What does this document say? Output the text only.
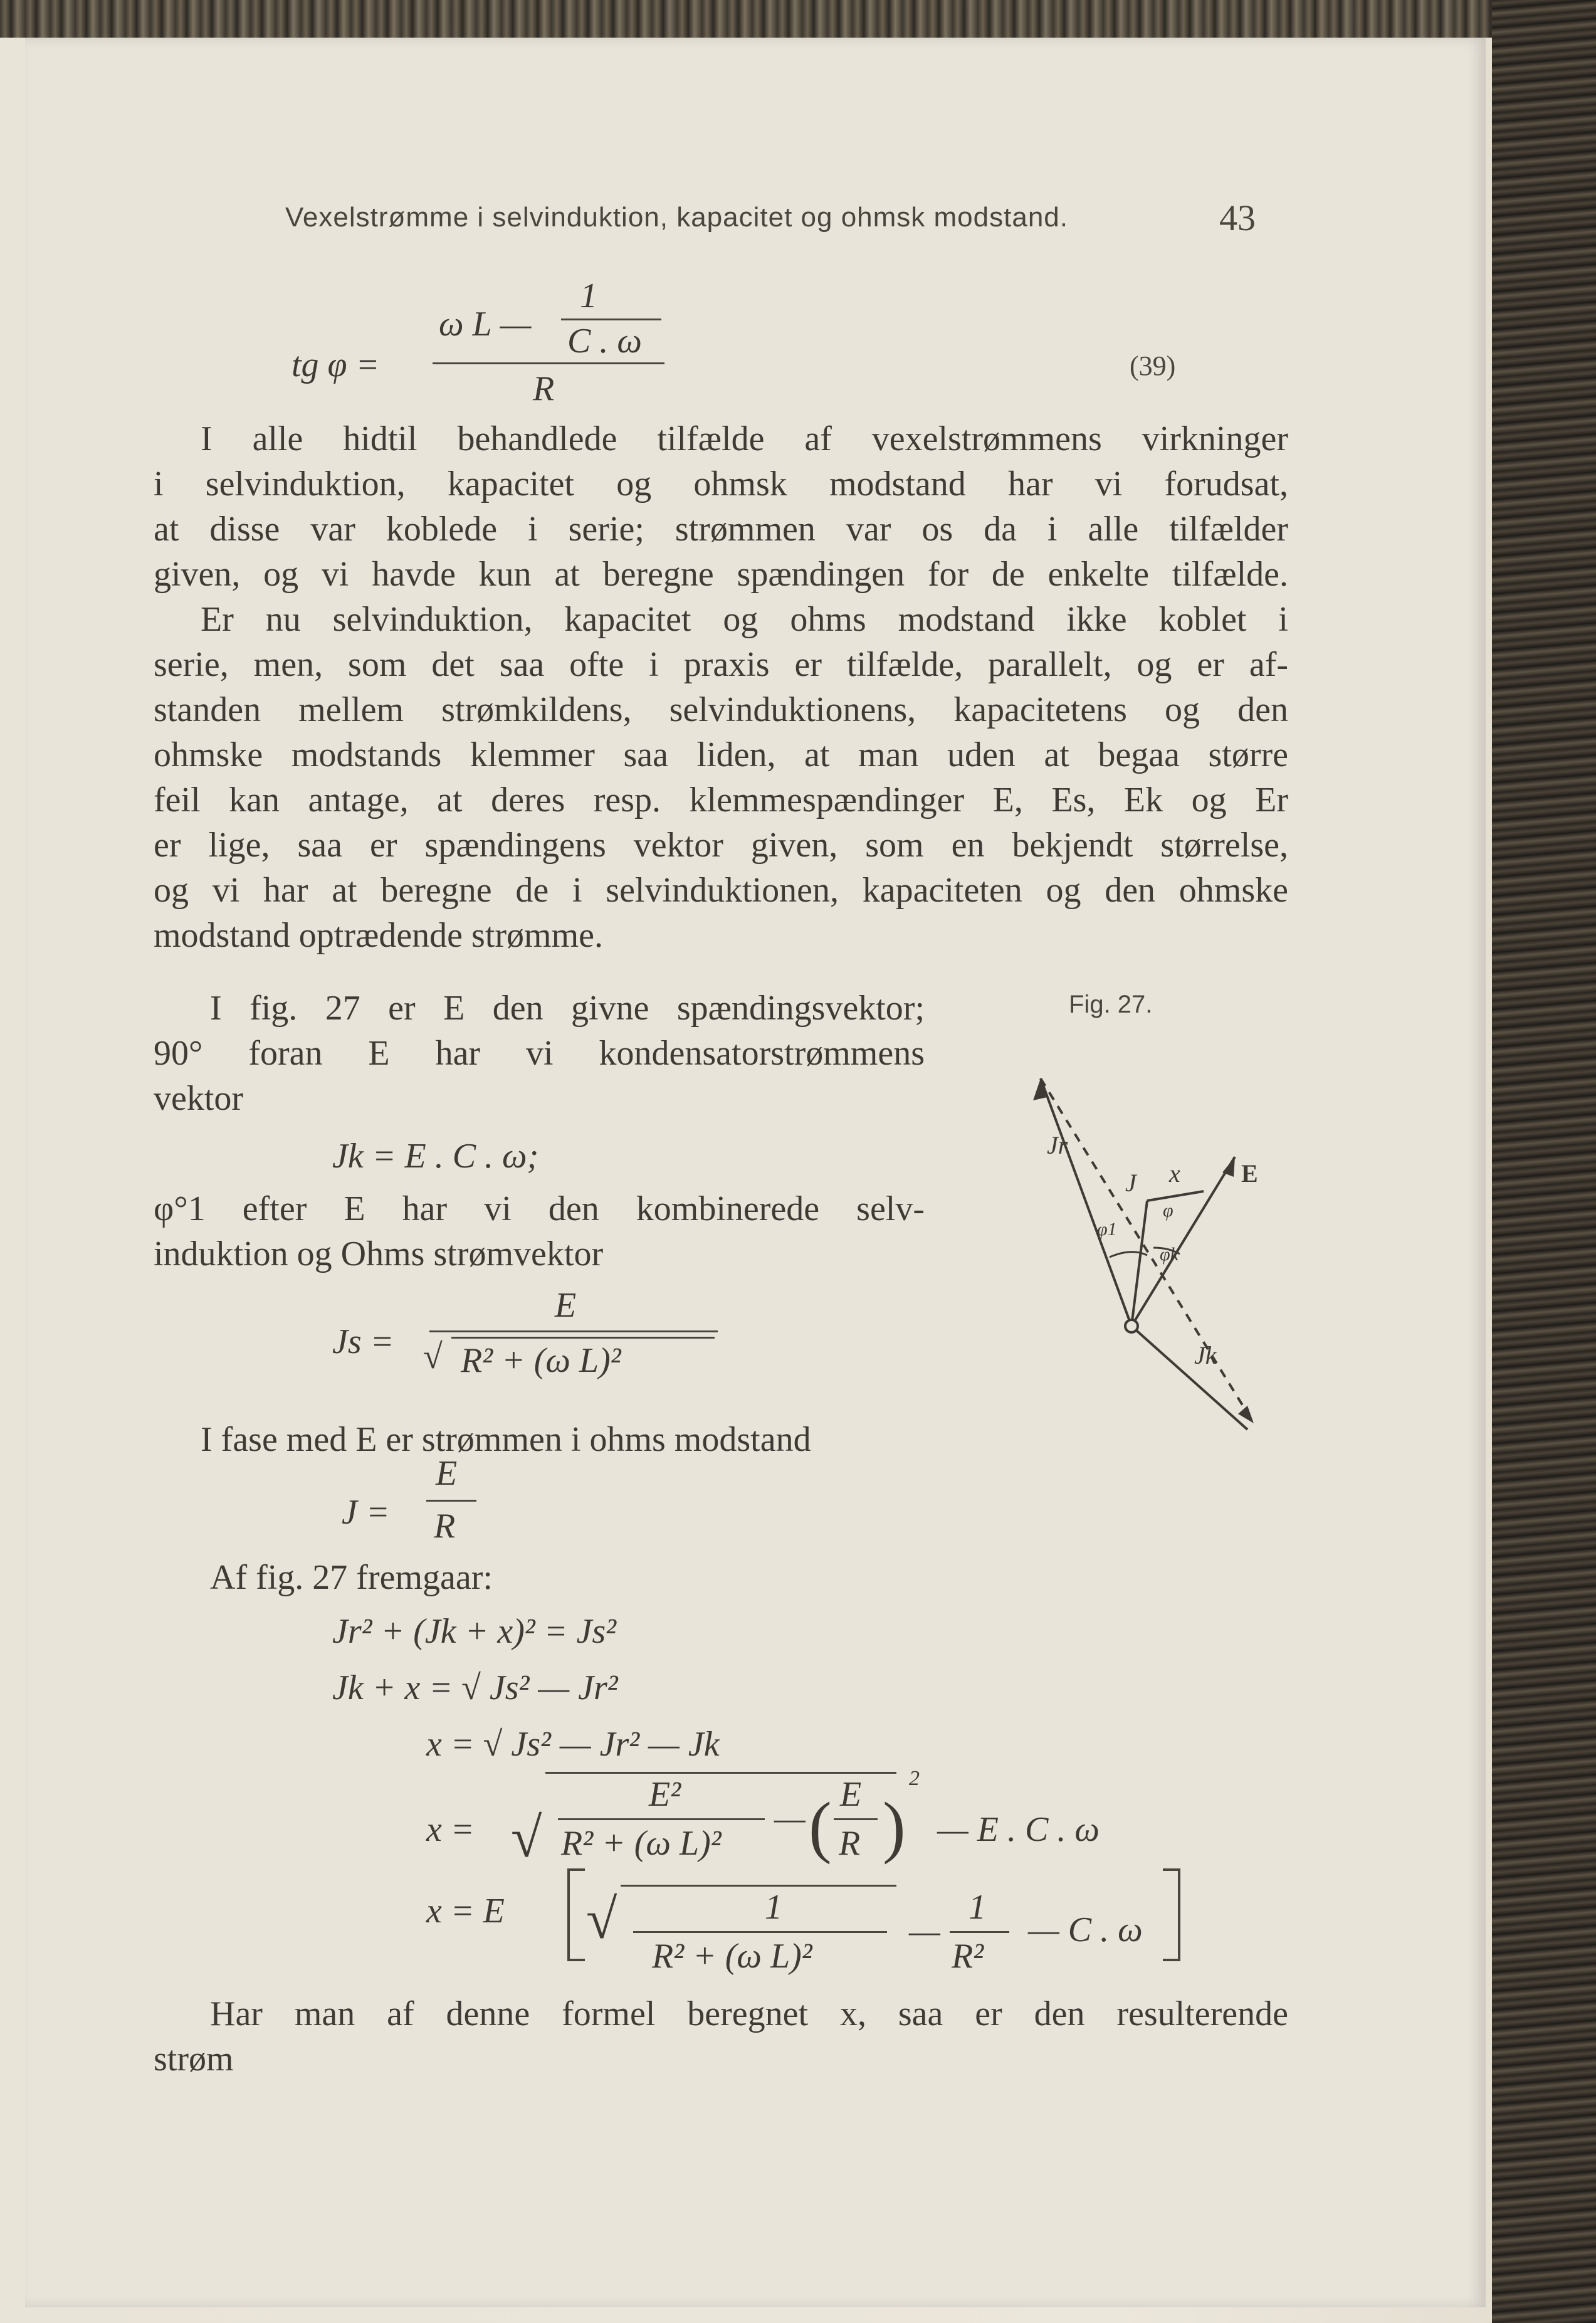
Vexelstrømme i selvinduktion, kapacitet og ohmsk modstand.	43
tg φ =
ω L —
1
C . ω
R
(39)
I alle hidtil behandlede tilfælde af vexelstrømmens virkninger
i selvinduktion, kapacitet og ohmsk modstand har vi forudsat,
at disse var koblede i serie; strømmen var os da i alle tilfælder
given, og vi havde kun at beregne spændingen for de enkelte tilfælde.
Er nu selvinduktion, kapacitet og ohms modstand ikke koblet i
serie, men, som det saa ofte i praxis er tilfælde, parallelt, og er af-
standen mellem strømkildens, selvinduktionens, kapacitetens og den
ohmske modstands klemmer saa liden, at man uden at begaa større
feil kan antage, at deres resp. klemmespændinger E, Es, Ek og Er
er lige, saa er spændingens vektor given, som en bekjendt størrelse,
og vi har at beregne de i selvinduktionen, kapaciteten og den ohmske
modstand optrædende strømme.
I fig. 27 er E den givne spændingsvektor;
90° foran E har vi kondensatorstrømmens
vektor
Jk = E . C . ω;
φ°1 efter E har vi den kombinerede selv-
induktion og Ohms strømvektor
Js =
E
√ R² + (ω L)²
Fig. 27.
Jr
J x E
φ1
φ
φk
Jk
I fase med E er strømmen i ohms modstand
J =
E
R
Af fig. 27 fremgaar:
Jr² + (Jk + x)² = Js²
Jk + x = √ Js² — Jr²
x = √ Js² — Jr² — Jk
x = √
E²
R² + (ω L)²
— ( E
R )
2
— E . C . ω
x = E √	1
R² + (ω L)²
—
1
R²
— C . ω
Har man af denne formel beregnet x, saa er den resulterende
strøm
